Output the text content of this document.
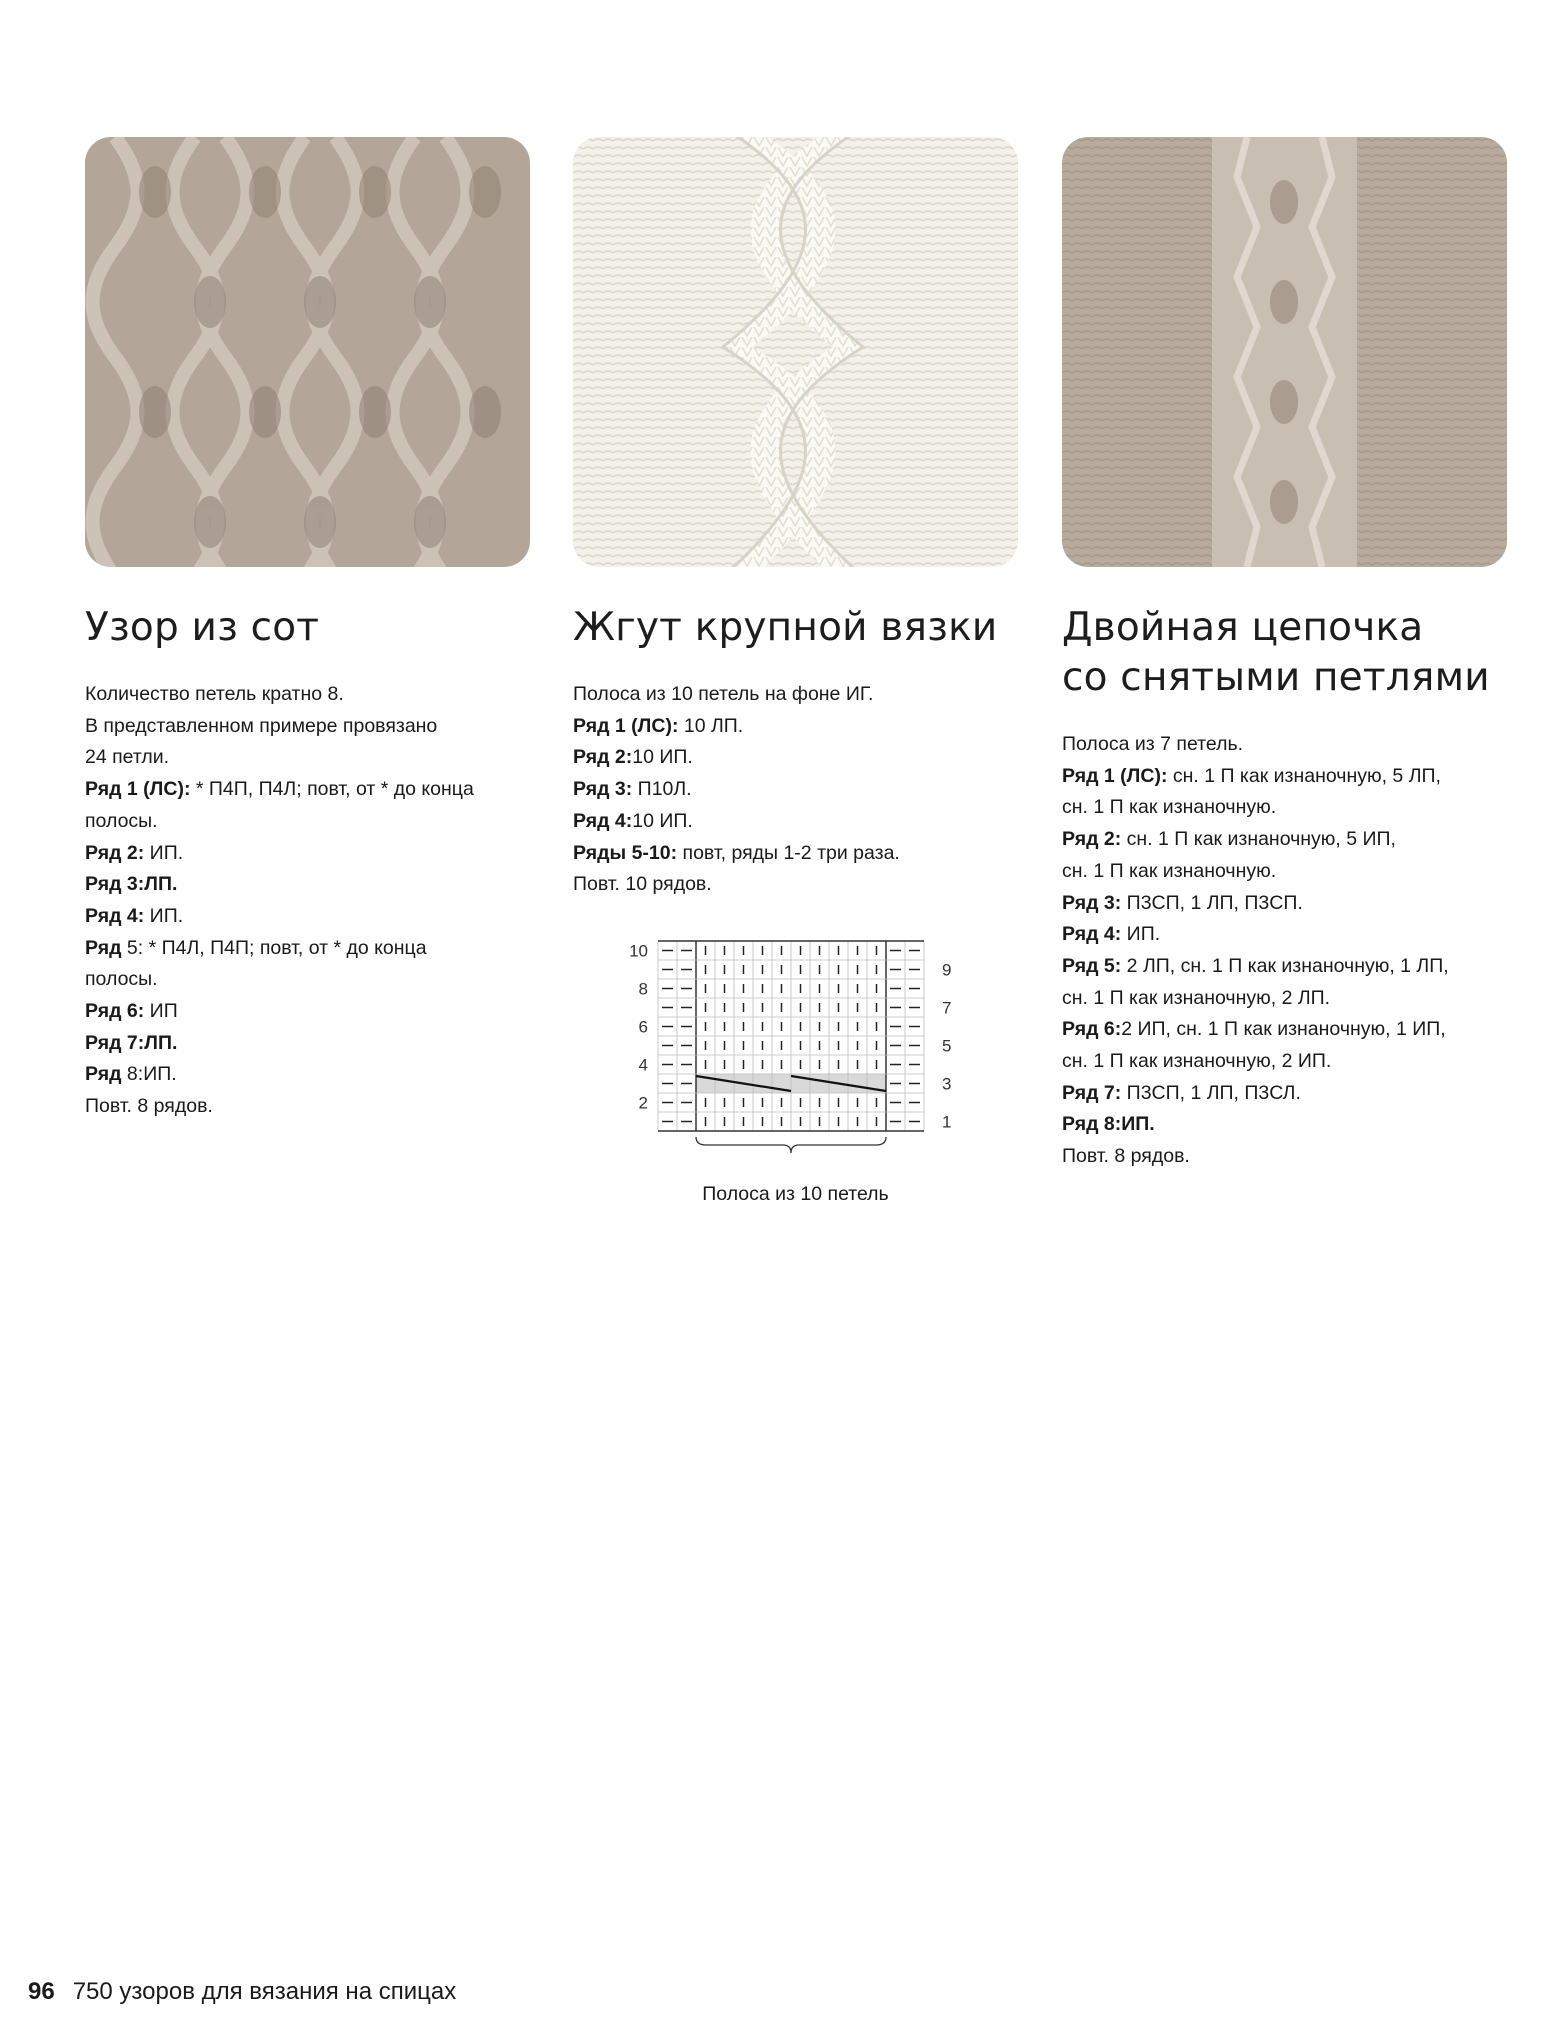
Узор из сот

Количество петель кратно 8.

В представленном примере провязано

24 петли.

Ряд 1 (ЛС): * П4П, П4Л; повт, от * до конца

полосы.

Ряд 2: ИП.

Ряд 3:ЛП.

Ряд 4: ИП.

Ряд 5: * П4Л, П4П; повт, от * до конца

полосы.

Ряд 6: ИП

Ряд 7:ЛП.

Ряд 8:ИП.

Повт. 8 рядов.

Жгут крупной вязки

Полоса из 10 петель на фоне ИГ.

Ряд 1 (ЛС): 10 ЛП.

Ряд 2:10 ИП.

Ряд 3: П10Л.

Ряд 4:10 ИП.

Ряды 5-10: повт, ряды 1-2 три раза.

Повт. 10 рядов.

10
8
6
4
2
9
7
5
3
1
Полоса из 10 петель
Двойная цепочка
со снятыми петлями

Полоса из 7 петель.

Ряд 1 (ЛС): сн. 1 П как изнаночную, 5 ЛП,

сн. 1 П как изнаночную.

Ряд 2: сн. 1 П как изнаночную, 5 ИП,

сн. 1 П как изнаночную.

Ряд 3: П3СП, 1 ЛП, П3СП.

Ряд 4: ИП.

Ряд 5: 2 ЛП, сн. 1 П как изнаночную, 1 ЛП,

сн. 1 П как изнаночную, 2 ЛП.

Ряд 6:2 ИП, сн. 1 П как изнаночную, 1 ИП,

сн. 1 П как изнаночную, 2 ИП.

Ряд 7: П3СП, 1 ЛП, П3СЛ.

Ряд 8:ИП.

Повт. 8 рядов.

96 750 узоров для вязания на спицах
